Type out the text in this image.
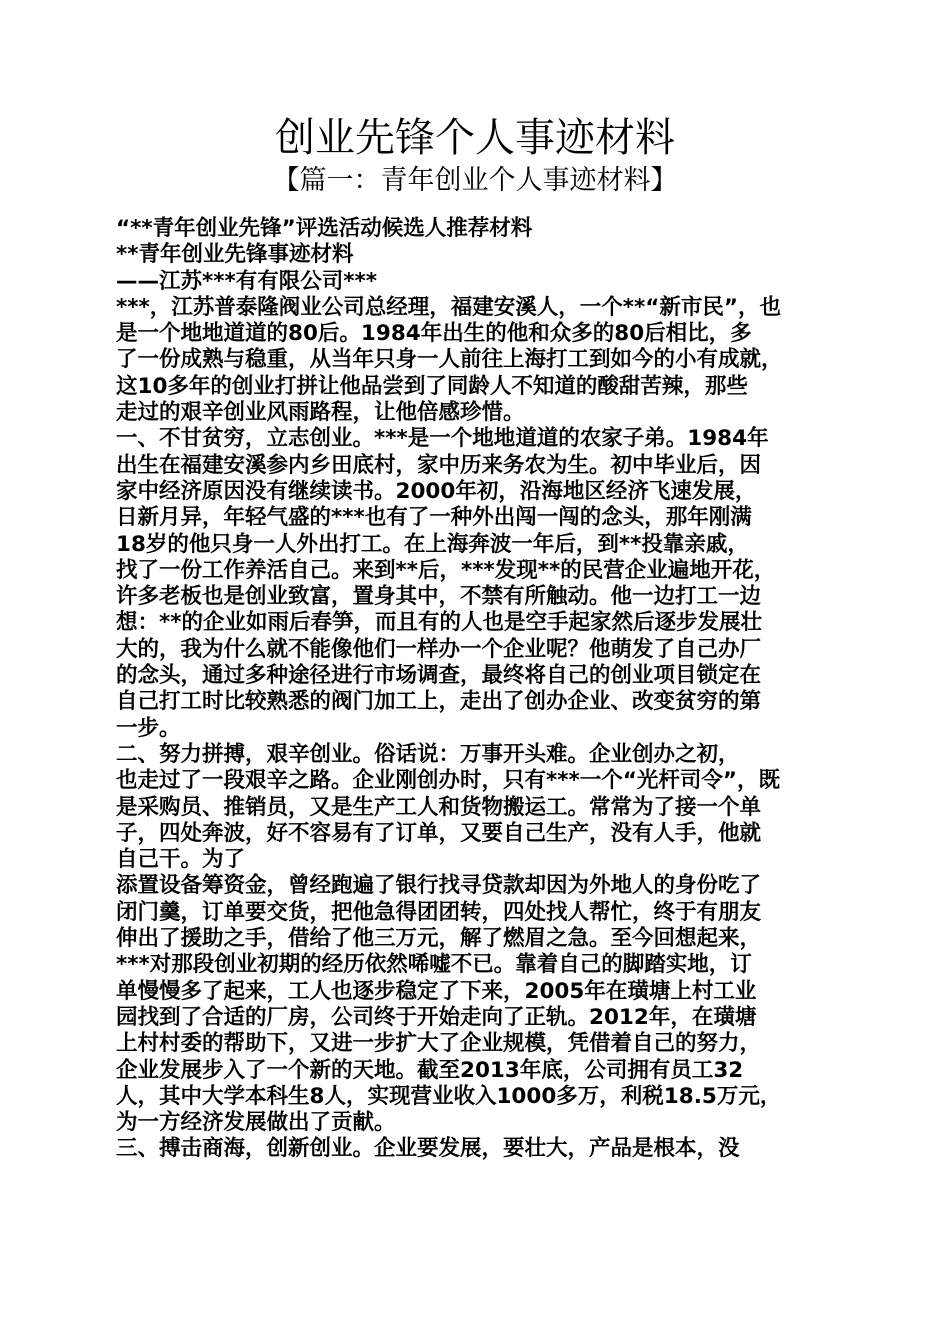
创业先锋个人事迹材料
【篇一：青年创业个人事迹材料】
“**青年创业先锋”评选活动候选人推荐材料
**青年创业先锋事迹材料
——江苏***有有限公司***
***，江苏普泰隆阀业公司总经理，福建安溪人，一个**“新市民”，也
是一个地地道道的80后。1984年出生的他和众多的80后相比，多
了一份成熟与稳重，从当年只身一人前往上海打工到如今的小有成就，
这10多年的创业打拼让他品尝到了同龄人不知道的酸甜苦辣，那些
走过的艰辛创业风雨路程，让他倍感珍惜。
一、不甘贫穷，立志创业。***是一个地地道道的农家子弟。1984年
出生在福建安溪参内乡田底村，家中历来务农为生。初中毕业后，因
家中经济原因没有继续读书。2000年初，沿海地区经济飞速发展，
日新月异，年轻气盛的***也有了一种外出闯一闯的念头，那年刚满
18岁的他只身一人外出打工。在上海奔波一年后，到**投靠亲戚，
找了一份工作养活自己。来到**后，***发现**的民营企业遍地开花，
许多老板也是创业致富，置身其中，不禁有所触动。他一边打工一边
想：**的企业如雨后春笋，而且有的人也是空手起家然后逐步发展壮
大的，我为什么就不能像他们一样办一个企业呢？他萌发了自己办厂
的念头，通过多种途径进行市场调查，最终将自己的创业项目锁定在
自己打工时比较熟悉的阀门加工上，走出了创办企业、改变贫穷的第
一步。
二、努力拼搏，艰辛创业。俗话说：万事开头难。企业创办之初，
也走过了一段艰辛之路。企业刚创办时，只有***一个“光杆司令”，既
是采购员、推销员，又是生产工人和货物搬运工。常常为了接一个单
子，四处奔波，好不容易有了订单，又要自己生产，没有人手，他就
自己干。为了
添置设备筹资金，曾经跑遍了银行找寻贷款却因为外地人的身份吃了
闭门羹，订单要交货，把他急得团团转，四处找人帮忙，终于有朋友
伸出了援助之手，借给了他三万元，解了燃眉之急。至今回想起来，
***对那段创业初期的经历依然唏嘘不已。靠着自己的脚踏实地，订
单慢慢多了起来，工人也逐步稳定了下来，2005年在璜塘上村工业
园找到了合适的厂房，公司终于开始走向了正轨。2012年，在璜塘
上村村委的帮助下，又进一步扩大了企业规模，凭借着自己的努力，
企业发展步入了一个新的天地。截至2013年底，公司拥有员工32
人，其中大学本科生8人，实现营业收入1000多万，利税18.5万元，
为一方经济发展做出了贡献。
三、搏击商海，创新创业。企业要发展，要壮大，产品是根本，没
